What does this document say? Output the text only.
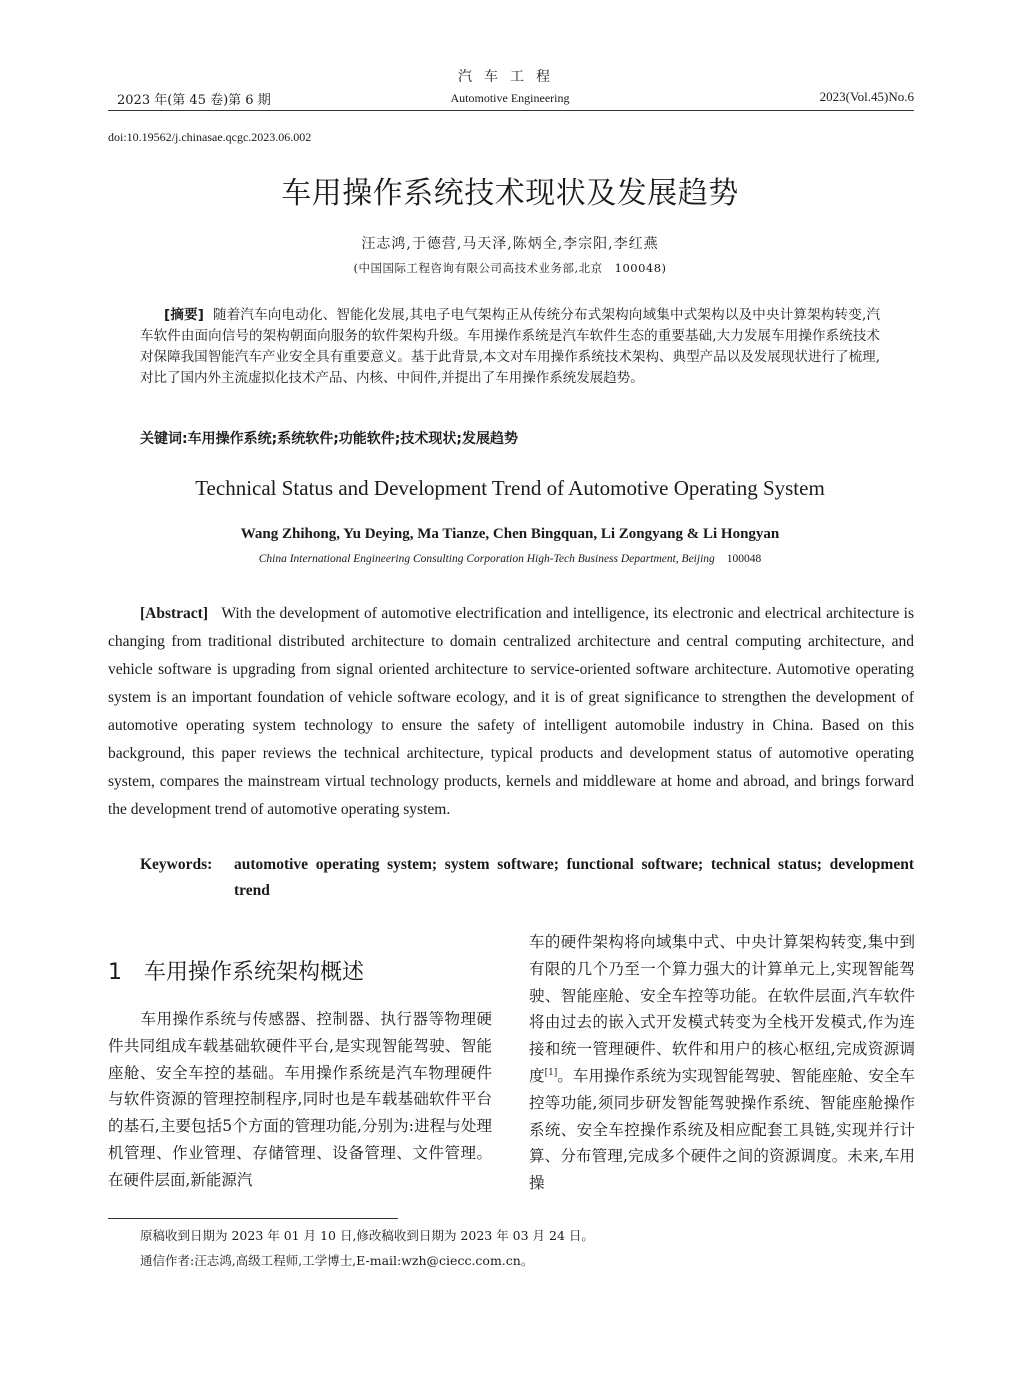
汽车工程
2023 年(第 45 卷)第 6 期	Automotive Engineering	2023(Vol.45)No.6
doi:10.19562/j.chinasae.qcgc.2023.06.002
车用操作系统技术现状及发展趋势
汪志鸿,于德营,马天泽,陈炳全,李宗阳,李红燕
(中国国际工程咨询有限公司高技术业务部,北京　100048)
[摘要] 随着汽车向电动化、智能化发展,其电子电气架构正从传统分布式架构向域集中式架构以及中央计算架构转变,汽车软件由面向信号的架构朝面向服务的软件架构升级。车用操作系统是汽车软件生态的重要基础,大力发展车用操作系统技术对保障我国智能汽车产业安全具有重要意义。基于此背景,本文对车用操作系统技术架构、典型产品以及发展现状进行了梳理,对比了国内外主流虚拟化技术产品、内核、中间件,并提出了车用操作系统发展趋势。
关键词:车用操作系统;系统软件;功能软件;技术现状;发展趋势
Technical Status and Development Trend of Automotive Operating System
Wang Zhihong, Yu Deying, Ma Tianze, Chen Bingquan, Li Zongyang & Li Hongyan
China International Engineering Consulting Corporation High-Tech Business Department, Beijing 100048
[Abstract] With the development of automotive electrification and intelligence, its electronic and electrical architecture is changing from traditional distributed architecture to domain centralized architecture and central computing architecture, and vehicle software is upgrading from signal oriented architecture to service-oriented software architecture. Automotive operating system is an important foundation of vehicle software ecology, and it is of great significance to strengthen the development of automotive operating system technology to ensure the safety of intelligent automobile industry in China. Based on this background, this paper reviews the technical architecture, typical products and development status of automotive operating system, compares the mainstream virtual technology products, kernels and middleware at home and abroad, and brings forward the development trend of automotive operating system.
Keywords: automotive operating system; system software; functional software; technical status; development trend
1 车用操作系统架构概述
车用操作系统与传感器、控制器、执行器等物理硬件共同组成车载基础软硬件平台,是实现智能驾驶、智能座舱、安全车控的基础。车用操作系统是汽车物理硬件与软件资源的管理控制程序,同时也是车载基础软件平台的基石,主要包括5个方面的管理功能,分别为:进程与处理机管理、作业管理、存储管理、设备管理、文件管理。在硬件层面,新能源汽
车的硬件架构将向域集中式、中央计算架构转变,集中到有限的几个乃至一个算力强大的计算单元上,实现智能驾驶、智能座舱、安全车控等功能。在软件层面,汽车软件将由过去的嵌入式开发模式转变为全栈开发模式,作为连接和统一管理硬件、软件和用户的核心枢纽,完成资源调度[1]。车用操作系统为实现智能驾驶、智能座舱、安全车控等功能,须同步研发智能驾驶操作系统、智能座舱操作系统、安全车控操作系统及相应配套工具链,实现并行计算、分布管理,完成多个硬件之间的资源调度。未来,车用操
原稿收到日期为 2023 年 01 月 10 日,修改稿收到日期为 2023 年 03 月 24 日。
通信作者:汪志鸿,高级工程师,工学博士,E-mail:wzh@ciecc.com.cn。
